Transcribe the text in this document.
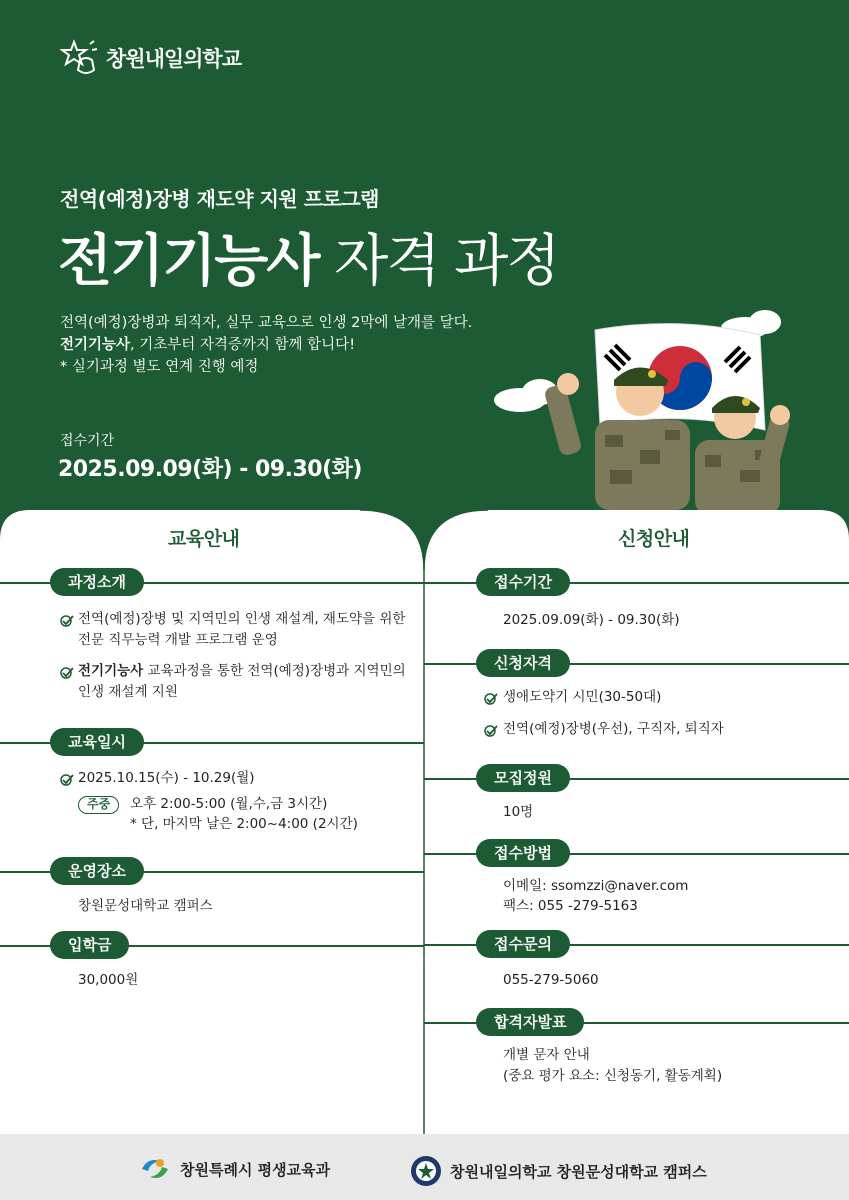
창원내일의학교
전역(예정)장병 재도약 지원 프로그램
전기기능사 자격 과정
전역(예정)장병과 퇴직자, 실무 교육으로 인생 2막에 날개를 달다.
전기기능사, 기초부터 자격증까지 함께 합니다!
* 실기과정 별도 연계 진행 예정
접수기간
2025.09.09(화) - 09.30(화)
교육안내	신청안내
과정소개
전역(예정)장병 및 지역민의 인생 재설계, 재도약을 위한
전문 직무능력 개발 프로그램 운영
전기기능사 교육과정을 통한 전역(예정)장병과 지역민의
인생 재설계 지원
교육일시
2025.10.15(수) - 10.29(월)
주중	오후 2:00-5:00 (월,수,금 3시간)
* 단, 마지막 날은 2:00~4:00 (2시간)
운영장소
창원문성대학교 캠퍼스
입학금
30,000원
접수기간
2025.09.09(화) - 09.30(화)
신청자격
생애도약기 시민(30-50대)
전역(예정)장병(우선), 구직자, 퇴직자
모집정원
10명
접수방법
이메일: ssomzzi@naver.com
팩스: 055 -279-5163
접수문의
055-279-5060
합격자발표
개별 문자 안내
(중요 평가 요소: 신청동기, 활동계획)
창원특례시 평생교육과	창원내일의학교 창원문성대학교 캠퍼스
